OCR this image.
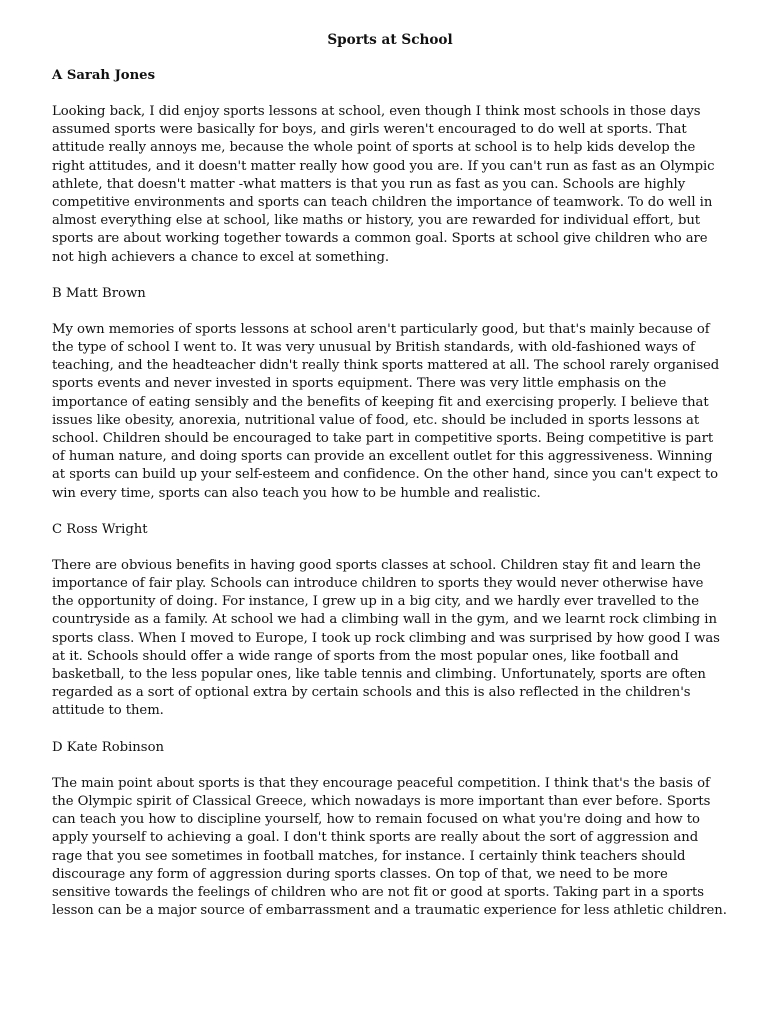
Sports at School
A Sarah Jones

Looking back, I did enjoy sports lessons at school, even though I think most schools in those days assumed sports were basically for boys, and girls weren't encouraged to do well at sports. That attitude really annoys me, because the whole point of sports at school is to help kids develop the right attitudes, and it doesn't matter really how good you are. If you can't run as fast as an Olympic athlete, that doesn't matter -what matters is that you run as fast as you can. Schools are highly competitive environments and sports can teach children the importance of teamwork. To do well in almost everything else at school, like maths or history, you are rewarded for individual effort, but sports are about working together towards a common goal. Sports at school give children who are not high achievers a chance to excel at something.

B Matt Brown

My own memories of sports lessons at school aren't particularly good, but that's mainly because of the type of school I went to. It was very unusual by British standards, with old-fashioned ways of teaching, and the headteacher didn't really think sports mattered at all. The school rarely organised sports events and never invested in sports equipment. There was very little emphasis on the importance of eating sensibly and the benefits of keeping fit and exercising properly. I believe that issues like obesity, anorexia, nutritional value of food, etc. should be included in sports lessons at school. Children should be encouraged to take part in competitive sports. Being competitive is part of human nature, and doing sports can provide an excellent outlet for this aggressiveness. Winning at sports can build up your self-esteem and confidence. On the other hand, since you can't expect to win every time, sports can also teach you how to be humble and realistic.

C Ross Wright

There are obvious benefits in having good sports classes at school. Children stay fit and learn the importance of fair play. Schools can introduce children to sports they would never otherwise have the opportunity of doing. For instance, I grew up in a big city, and we hardly ever travelled to the countryside as a family. At school we had a climbing wall in the gym, and we learnt rock climbing in sports class. When I moved to Europe, I took up rock climbing and was surprised by how good I was at it. Schools should offer a wide range of sports from the most popular ones, like football and basketball, to the less popular ones, like table tennis and climbing. Unfortunately, sports are often regarded as a sort of optional extra by certain schools and this is also reflected in the children's attitude to them.

D Kate Robinson

The main point about sports is that they encourage peaceful competition. I think that's the basis of the Olympic spirit of Classical Greece, which nowadays is more important than ever before. Sports can teach you how to discipline yourself, how to remain focused on what you're doing and how to apply yourself to achieving a goal. I don't think sports are really about the sort of aggression and rage that you see sometimes in football matches, for instance. I certainly think teachers should discourage any form of aggression during sports classes. On top of that, we need to be more sensitive towards the feelings of children who are not fit or good at sports. Taking part in a sports lesson can be a major source of embarrassment and a traumatic experience for less athletic children.
